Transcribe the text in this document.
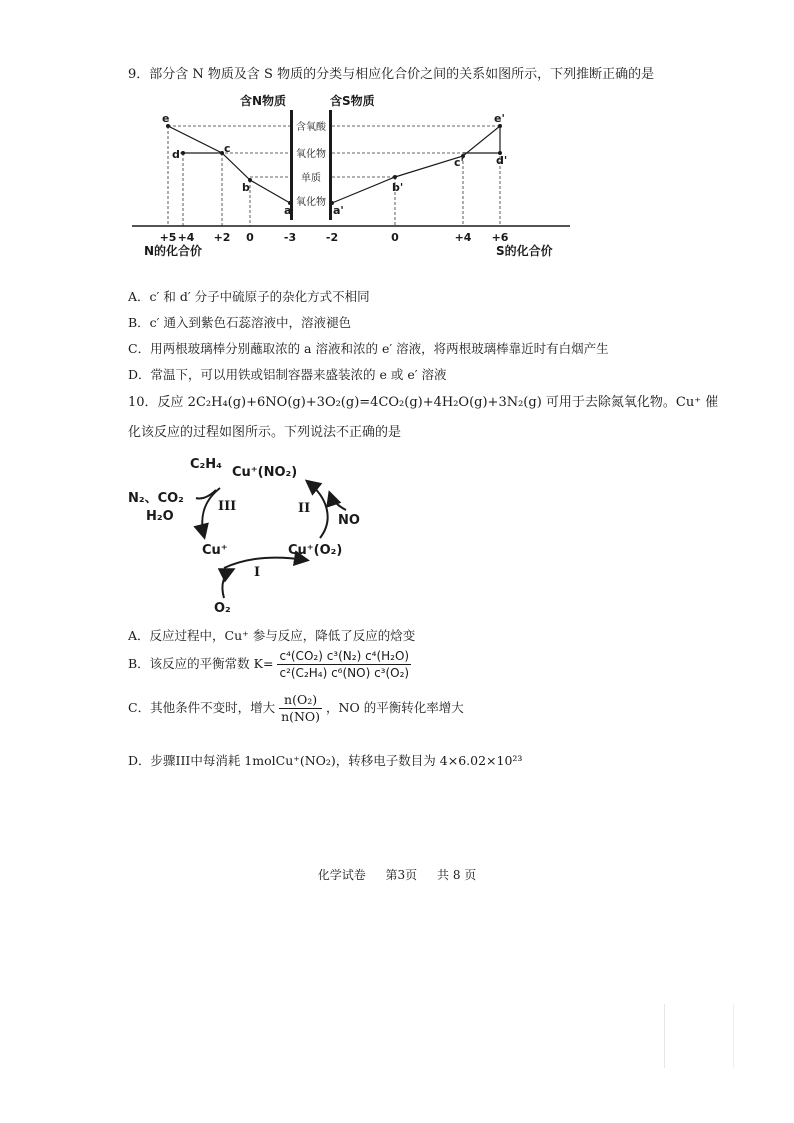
9．部分含 N 物质及含 S 物质的分类与相应化合价之间的关系如图所示，下列推断正确的是
含N物质	含S物质
含氧酸
氧化物
单质
氧化物
e
d	c
b
a	a'
b'
c'	d'
e'
+5 +4 +2 0	-3	-2	0	+4 +6
N的化合价	S的化合价
A．c′ 和 d′ 分子中硫原子的杂化方式不相同
B．c′ 通入到紫色石蕊溶液中，溶液褪色
C．用两根玻璃棒分别蘸取浓的 a 溶液和浓的 e′ 溶液，将两根玻璃棒靠近时有白烟产生
D．常温下，可以用铁或铝制容器来盛装浓的 e 或 e′ 溶液
10．反应 2C₂H₄(g)+6NO(g)+3O₂(g)=4CO₂(g)+4H₂O(g)+3N₂(g) 可用于去除氮氧化物。Cu⁺ 催
化该反应的过程如图所示。下列说法不正确的是
Cu⁺(NO₂)
C₂H₄
N₂、CO₂
H₂O
III	II
NO
Cu⁺	Cu⁺(O₂)
I
O₂
A．反应过程中，Cu⁺ 参与反应，降低了反应的焓变
B．该反应的平衡常数 $K= \frac{\text{c⁴(CO₂) c³(N₂) c⁴(H₂O)}}{\text{c²(C₂H₄) c⁶(NO) c³(O₂)}}$
C．其他条件不变时，增大 $\frac{\text{n(O₂)}}{n(NO)}$ ，NO 的平衡转化率增大
D．步骤III中每消耗 1molCu⁺(NO₂)，转移电子数目为 4×6.02×10²³
化学试卷 第3页 共 8 页
